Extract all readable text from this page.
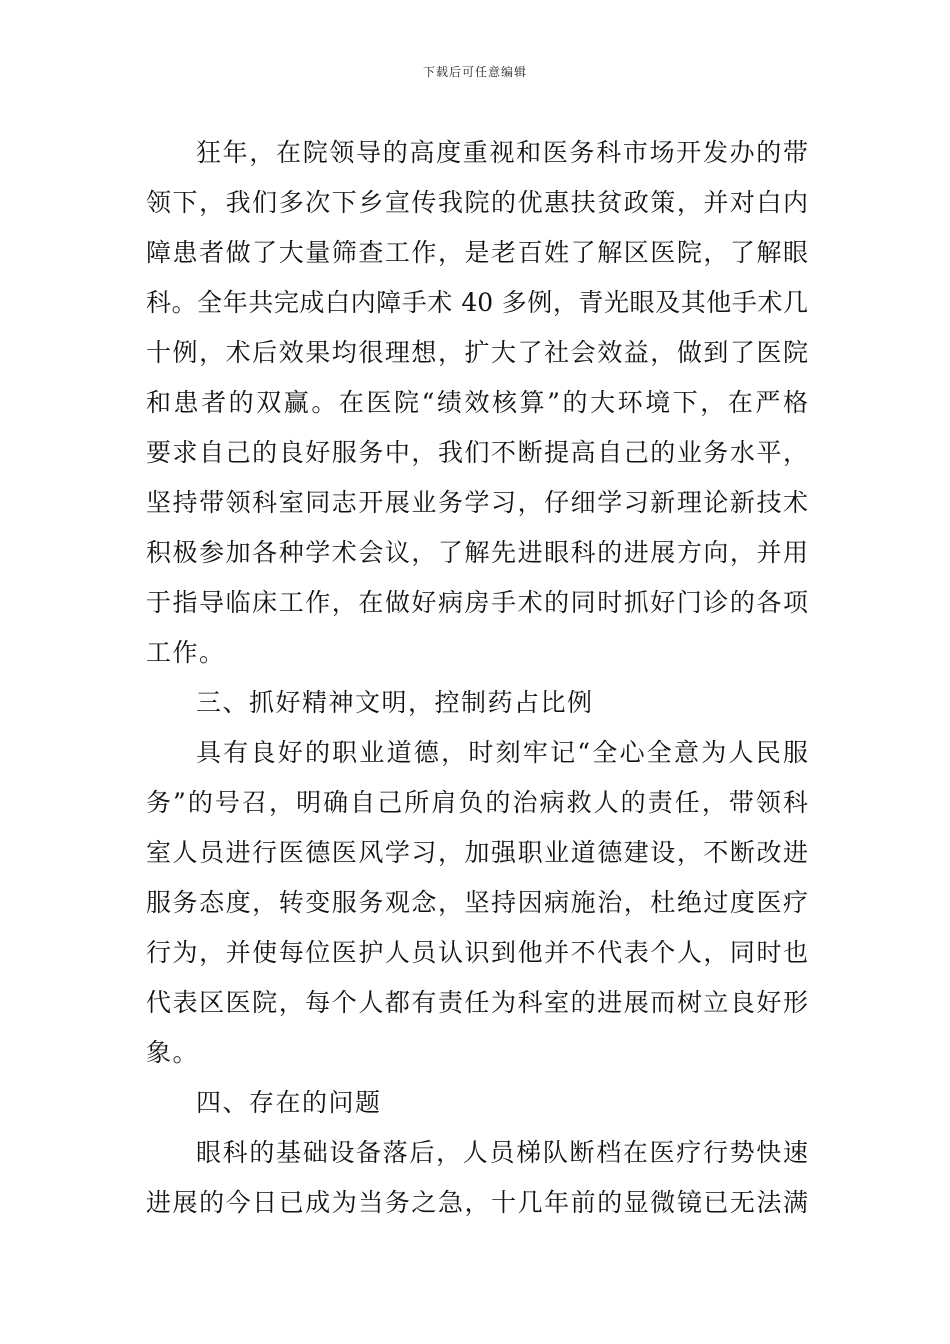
下载后可任意编辑
狂年，在院领导的高度重视和医务科市场开发办的带
领下，我们多次下乡宣传我院的优惠扶贫政策，并对白内
障患者做了大量筛查工作，是老百姓了解区医院，了解眼
科。全年共完成白内障手术 40 多例，青光眼及其他手术几
十例，术后效果均很理想，扩大了社会效益，做到了医院
和患者的双赢。在医院“绩效核算”的大环境下，在严格
要求自己的良好服务中，我们不断提高自己的业务水平，
坚持带领科室同志开展业务学习，仔细学习新理论新技术
积极参加各种学术会议，了解先进眼科的进展方向，并用
于指导临床工作，在做好病房手术的同时抓好门诊的各项
工作。
三、抓好精神文明，控制药占比例
具有良好的职业道德，时刻牢记“全心全意为人民服
务”的号召，明确自己所肩负的治病救人的责任，带领科
室人员进行医德医风学习，加强职业道德建设，不断改进
服务态度，转变服务观念，坚持因病施治，杜绝过度医疗
行为，并使每位医护人员认识到他并不代表个人，同时也
代表区医院，每个人都有责任为科室的进展而树立良好形
象。
四、存在的问题
眼科的基础设备落后，人员梯队断档在医疗行势快速
进展的今日已成为当务之急，十几年前的显微镜已无法满
